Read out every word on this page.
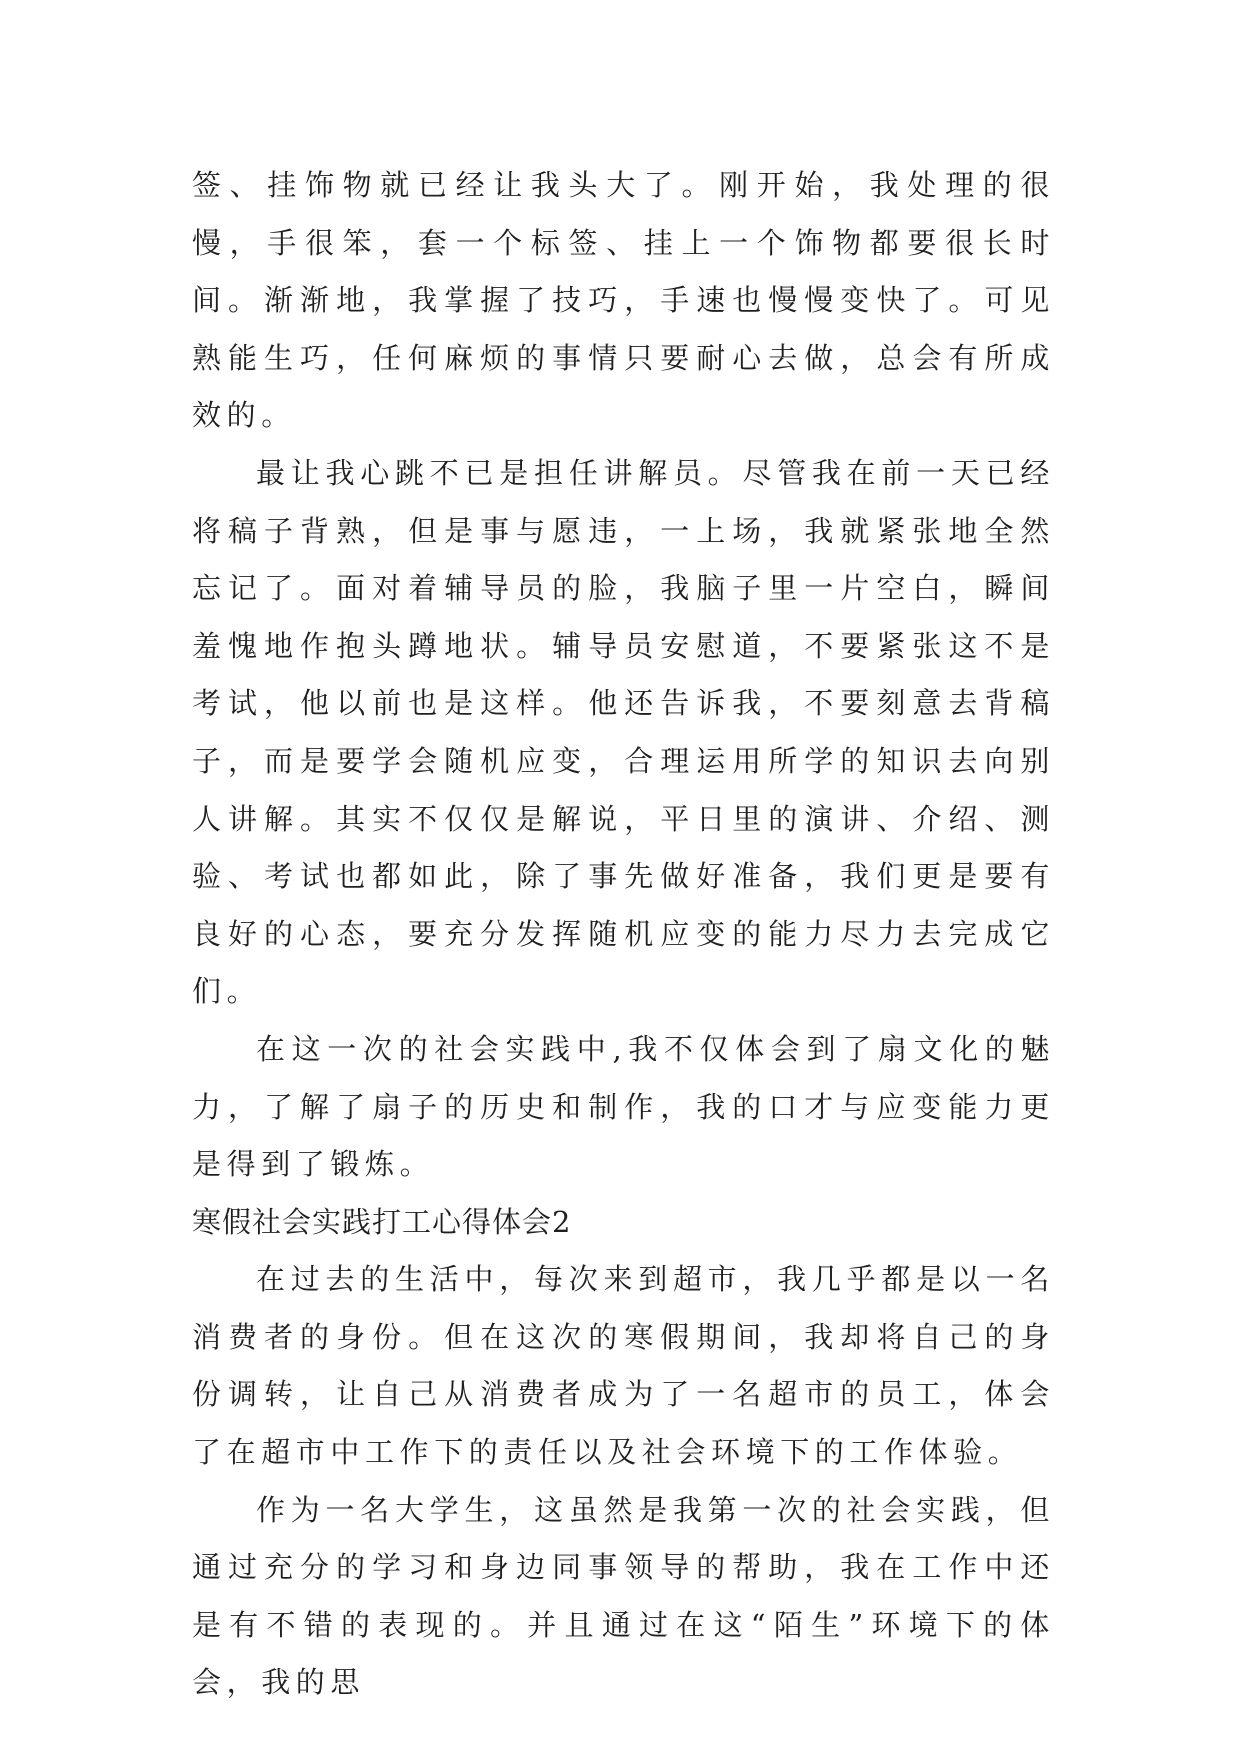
签、挂饰物就已经让我头大了。刚开始，我处理的很慢，手很笨，套一个标签、挂上一个饰物都要很长时间。渐渐地，我掌握了技巧，手速也慢慢变快了。可见熟能生巧，任何麻烦的事情只要耐心去做，总会有所成效的。

最让我心跳不已是担任讲解员。尽管我在前一天已经将稿子背熟，但是事与愿违，一上场，我就紧张地全然忘记了。面对着辅导员的脸，我脑子里一片空白，瞬间羞愧地作抱头蹲地状。辅导员安慰道，不要紧张这不是考试，他以前也是这样。他还告诉我，不要刻意去背稿子，而是要学会随机应变，合理运用所学的知识去向别人讲解。其实不仅仅是解说，平日里的演讲、介绍、测验、考试也都如此，除了事先做好准备，我们更是要有良好的心态，要充分发挥随机应变的能力尽力去完成它们。

在这一次的社会实践中,我不仅体会到了扇文化的魅力，了解了扇子的历史和制作，我的口才与应变能力更是得到了锻炼。

寒假社会实践打工心得体会2

在过去的生活中，每次来到超市，我几乎都是以一名消费者的身份。但在这次的寒假期间，我却将自己的身份调转，让自己从消费者成为了一名超市的员工，体会了在超市中工作下的责任以及社会环境下的工作体验。

作为一名大学生，这虽然是我第一次的社会实践，但通过充分的学习和身边同事领导的帮助，我在工作中还是有不错的表现的。并且通过在这“陌生”环境下的体会，我的思
